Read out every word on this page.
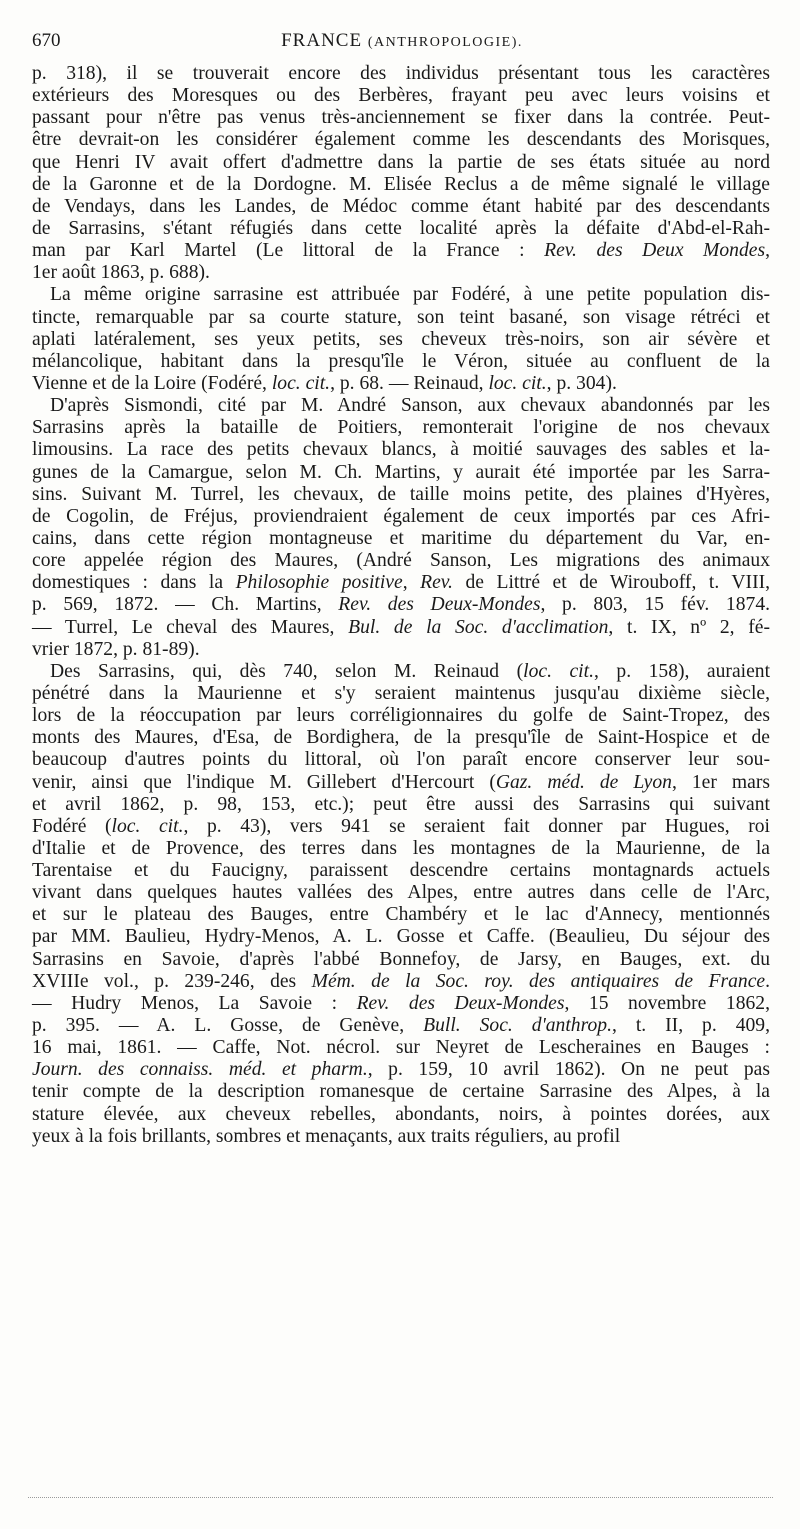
670	FRANCE (ANTHROPOLOGIE).
p. 318), il se trouverait encore des individus présentant tous les caractères
extérieurs des Moresques ou des Berbères, frayant peu avec leurs voisins et
passant pour n'être pas venus très-anciennement se fixer dans la contrée. Peut-
être devrait-on les considérer également comme les descendants des Morisques,
que Henri IV avait offert d'admettre dans la partie de ses états située au nord
de la Garonne et de la Dordogne. M. Elisée Reclus a de même signalé le village
de Vendays, dans les Landes, de Médoc comme étant habité par des descendants
de Sarrasins, s'étant réfugiés dans cette localité après la défaite d'Abd-el-Rah-
man par Karl Martel (Le littoral de la France : Rev. des Deux Mondes,
1er août 1863, p. 688).
La même origine sarrasine est attribuée par Fodéré, à une petite population dis-
tincte, remarquable par sa courte stature, son teint basané, son visage rétréci et
aplati latéralement, ses yeux petits, ses cheveux très-noirs, son air sévère et
mélancolique, habitant dans la presqu'île le Véron, située au confluent de la
Vienne et de la Loire (Fodéré, loc. cit., p. 68. — Reinaud, loc. cit., p. 304).
D'après Sismondi, cité par M. André Sanson, aux chevaux abandonnés par les
Sarrasins après la bataille de Poitiers, remonterait l'origine de nos chevaux
limousins. La race des petits chevaux blancs, à moitié sauvages des sables et la-
gunes de la Camargue, selon M. Ch. Martins, y aurait été importée par les Sarra-
sins. Suivant M. Turrel, les chevaux, de taille moins petite, des plaines d'Hyères,
de Cogolin, de Fréjus, proviendraient également de ceux importés par ces Afri-
cains, dans cette région montagneuse et maritime du département du Var, en-
core appelée région des Maures, (André Sanson, Les migrations des animaux
domestiques : dans la Philosophie positive, Rev. de Littré et de Wirouboff, t. VIII,
p. 569, 1872. — Ch. Martins, Rev. des Deux-Mondes, p. 803, 15 fév. 1874.
— Turrel, Le cheval des Maures, Bul. de la Soc. d'acclimation, t. IX, nº 2, fé-
vrier 1872, p. 81-89).
Des Sarrasins, qui, dès 740, selon M. Reinaud (loc. cit., p. 158), auraient
pénétré dans la Maurienne et s'y seraient maintenus jusqu'au dixième siècle,
lors de la réoccupation par leurs corréligionnaires du golfe de Saint-Tropez, des
monts des Maures, d'Esa, de Bordighera, de la presqu'île de Saint-Hospice et de
beaucoup d'autres points du littoral, où l'on paraît encore conserver leur sou-
venir, ainsi que l'indique M. Gillebert d'Hercourt (Gaz. méd. de Lyon, 1er mars
et avril 1862, p. 98, 153, etc.); peut être aussi des Sarrasins qui suivant
Fodéré (loc. cit., p. 43), vers 941 se seraient fait donner par Hugues, roi
d'Italie et de Provence, des terres dans les montagnes de la Maurienne, de la
Tarentaise et du Faucigny, paraissent descendre certains montagnards actuels
vivant dans quelques hautes vallées des Alpes, entre autres dans celle de l'Arc,
et sur le plateau des Bauges, entre Chambéry et le lac d'Annecy, mentionnés
par MM. Baulieu, Hydry-Menos, A. L. Gosse et Caffe. (Beaulieu, Du séjour des
Sarrasins en Savoie, d'après l'abbé Bonnefoy, de Jarsy, en Bauges, ext. du
XVIIIe vol., p. 239-246, des Mém. de la Soc. roy. des antiquaires de France.
— Hudry Menos, La Savoie : Rev. des Deux-Mondes, 15 novembre 1862,
p. 395. — A. L. Gosse, de Genève, Bull. Soc. d'anthrop., t. II, p. 409,
16 mai, 1861. — Caffe, Not. nécrol. sur Neyret de Lescheraines en Bauges :
Journ. des connaiss. méd. et pharm., p. 159, 10 avril 1862). On ne peut pas
tenir compte de la description romanesque de certaine Sarrasine des Alpes, à la
stature élevée, aux cheveux rebelles, abondants, noirs, à pointes dorées, aux
yeux à la fois brillants, sombres et menaçants, aux traits réguliers, au profil
